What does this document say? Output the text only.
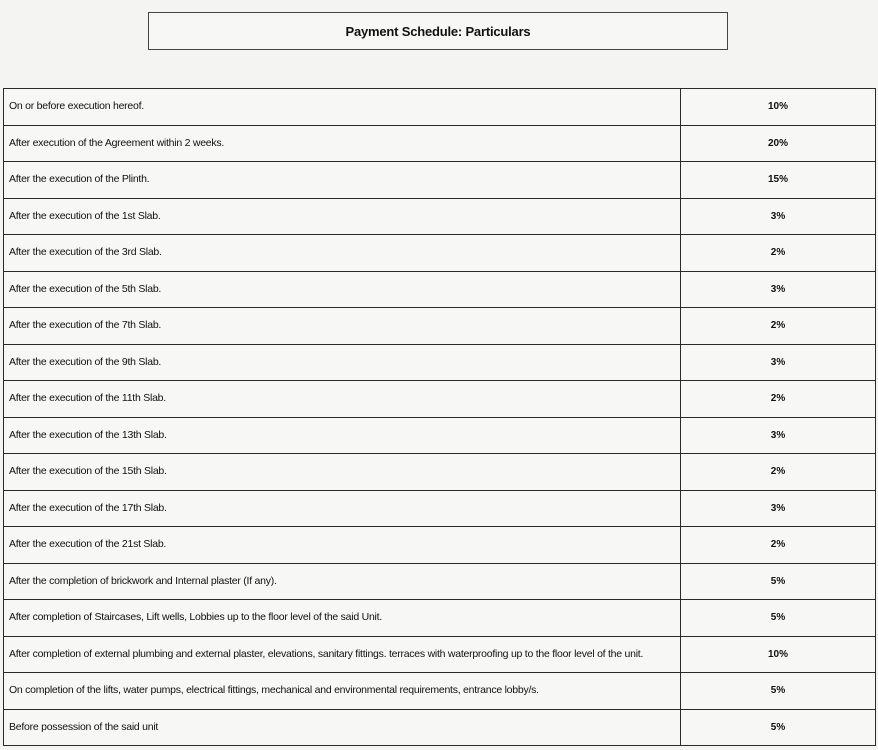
Payment Schedule: Particulars
On or before execution hereof.	10%
After execution of the Agreement within 2 weeks.	20%
After the execution of the Plinth.	15%
After the execution of the 1st Slab.	3%
After the execution of the 3rd Slab.	2%
After the execution of the 5th Slab.	3%
After the execution of the 7th Slab.	2%
After the execution of the 9th Slab.	3%
After the execution of the 11th Slab.	2%
After the execution of the 13th Slab.	3%
After the execution of the 15th Slab.	2%
After the execution of the 17th Slab.	3%
After the execution of the 21st Slab.	2%
After the completion of brickwork and Internal plaster (If any).	5%
After completion of Staircases, Lift wells, Lobbies up to the floor level of the said Unit.	5%
After completion of external plumbing and external plaster, elevations, sanitary fittings. terraces with waterproofing up to the floor level of the unit.	10%
On completion of the lifts, water pumps, electrical fittings, mechanical and environmental requirements, entrance lobby/s.	5%
Before possession of the said unit	5%
